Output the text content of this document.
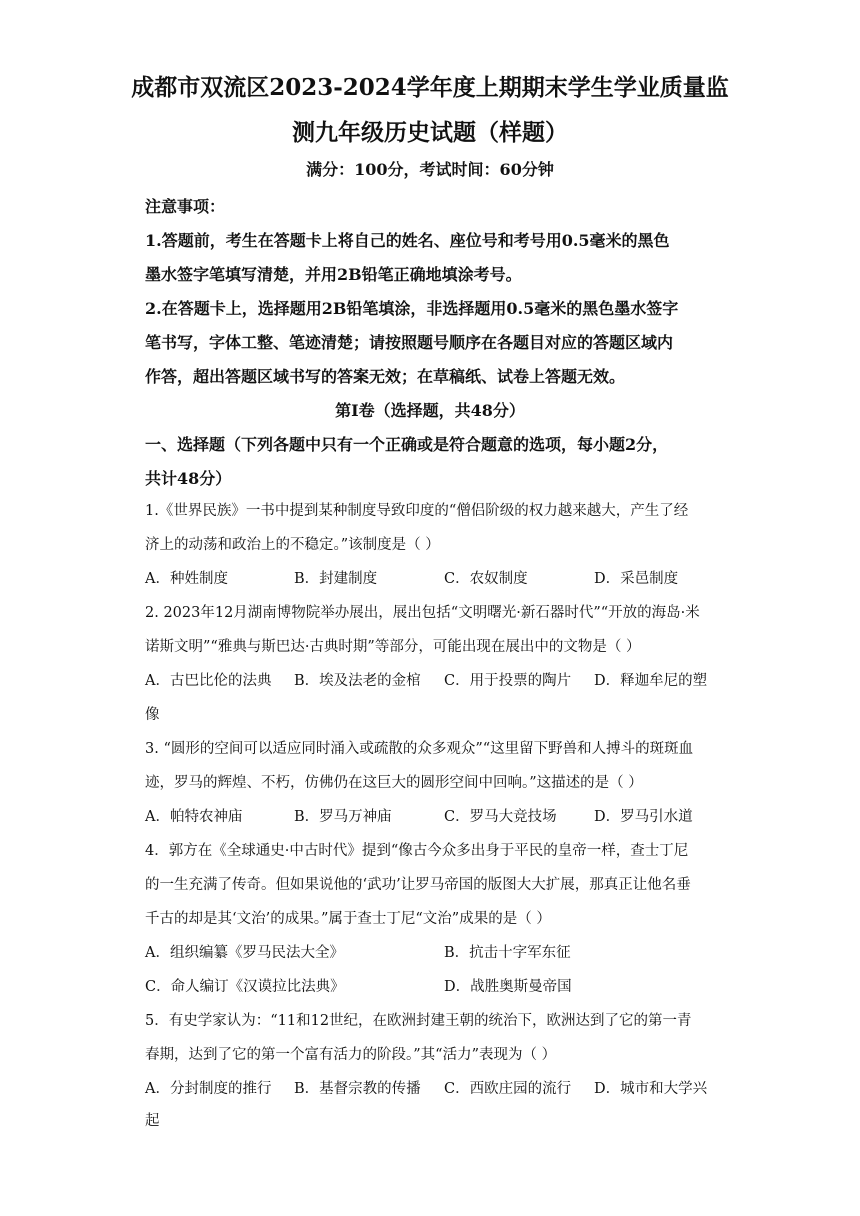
成都市双流区2023-2024学年度上期期末学生学业质量监
测九年级历史试题（样题）
满分：100分，考试时间：60分钟
注意事项：
1.答题前，考生在答题卡上将自己的姓名、座位号和考号用0.5毫米的黑色
墨水签字笔填写清楚，并用2B铅笔正确地填涂考号。
2.在答题卡上，选择题用2B铅笔填涂，非选择题用0.5毫米的黑色墨水签字
笔书写，字体工整、笔迹清楚；请按照题号顺序在各题目对应的答题区域内
作答，超出答题区域书写的答案无效；在草稿纸、试卷上答题无效。
第Ⅰ卷（选择题，共48分）
一、选择题（下列各题中只有一个正确或是符合题意的选项，每小题2分，
共计48分）
1.《世界民族》一书中提到某种制度导致印度的“僧侣阶级的权力越来越大，产生了经
济上的动荡和政治上的不稳定。”该制度是（ ）
A．种姓制度	B．封建制度	C．农奴制度	D．采邑制度
2. 2023年12月湖南博物院举办展出，展出包括“文明曙光·新石器时代”“开放的海岛·米
诺斯文明”“雅典与斯巴达·古典时期”等部分，可能出现在展出中的文物是（ ）
A．古巴比伦的法典 B．埃及法老的金棺 C．用于投票的陶片 D．释迦牟尼的塑
像
3. “圆形的空间可以适应同时涌入或疏散的众多观众”“这里留下野兽和人搏斗的斑斑血
迹，罗马的辉煌、不朽，仿佛仍在这巨大的圆形空间中回响。”这描述的是（ ）
A．帕特农神庙	B．罗马万神庙	C．罗马大竞技场	D．罗马引水道
4．郭方在《全球通史·中古时代》提到“像古今众多出身于平民的皇帝一样，查士丁尼
的一生充满了传奇。但如果说他的‘武功’让罗马帝国的版图大大扩展，那真正让他名垂
千古的却是其‘文治’的成果。”属于查士丁尼“文治”成果的是（ ）
A．组织编纂《罗马民法大全》	B．抗击十字军东征
C．命人编订《汉谟拉比法典》	D．战胜奥斯曼帝国
5．有史学家认为：“11和12世纪，在欧洲封建王朝的统治下，欧洲达到了它的第一青
春期，达到了它的第一个富有活力的阶段。”其“活力”表现为（ ）
A．分封制度的推行 B．基督宗教的传播 C．西欧庄园的流行 D．城市和大学兴
起
